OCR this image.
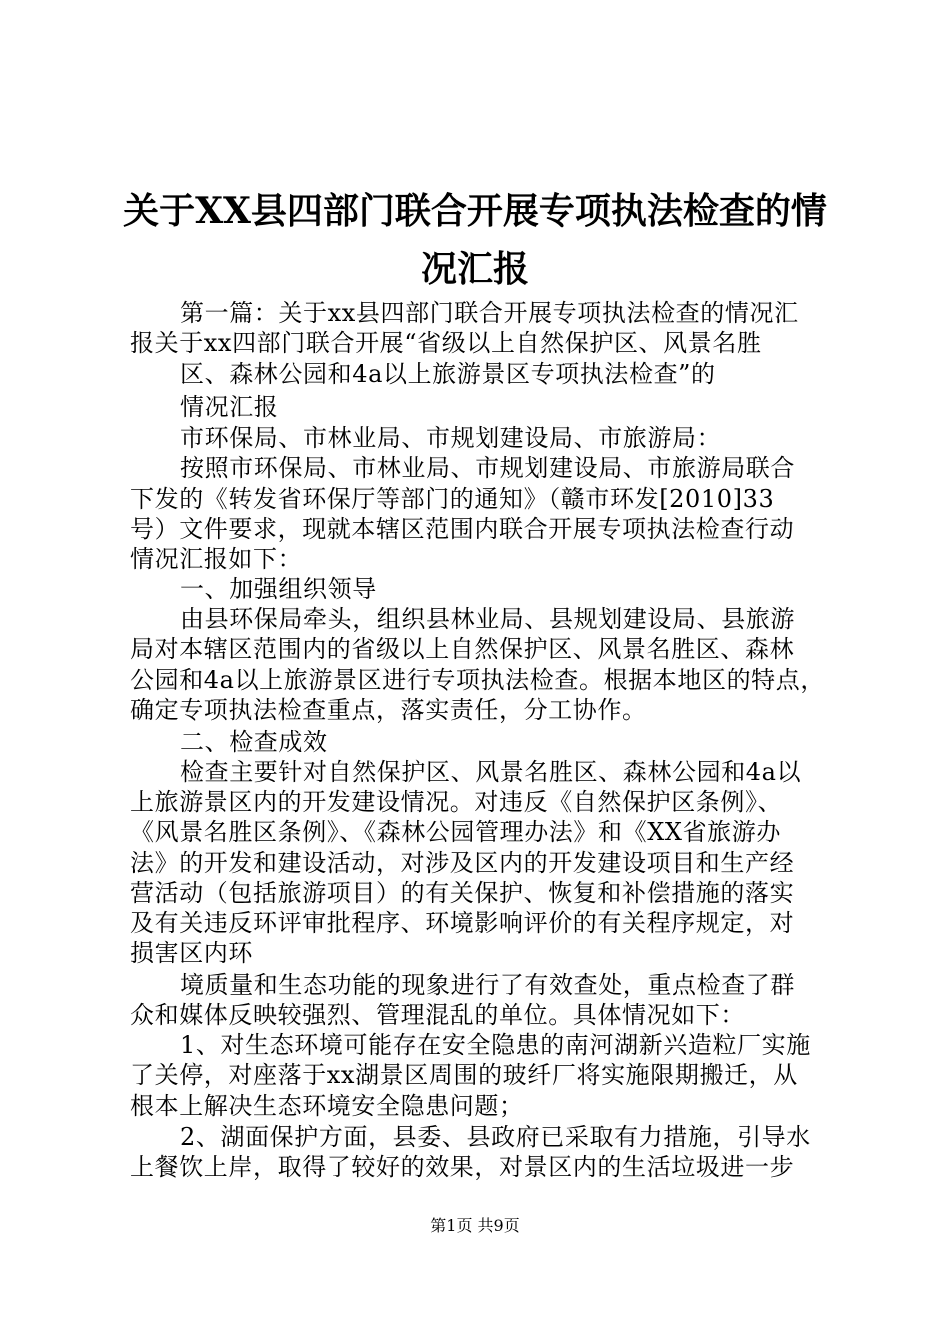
关于XX县四部门联合开展专项执法检查的情
况汇报
第一篇：关于xx县四部门联合开展专项执法检查的情况汇
报关于xx四部门联合开展“省级以上自然保护区、风景名胜
区、森林公园和4a以上旅游景区专项执法检查”的
情况汇报
市环保局、市林业局、市规划建设局、市旅游局：
按照市环保局、市林业局、市规划建设局、市旅游局联合
下发的《转发省环保厅等部门的通知》（赣市环发[2010]33
号）文件要求，现就本辖区范围内联合开展专项执法检查行动
情况汇报如下：
一、加强组织领导
由县环保局牵头，组织县林业局、县规划建设局、县旅游
局对本辖区范围内的省级以上自然保护区、风景名胜区、森林
公园和4a以上旅游景区进行专项执法检查。根据本地区的特点，
确定专项执法检查重点，落实责任，分工协作。
二、检查成效
检查主要针对自然保护区、风景名胜区、森林公园和4a以
上旅游景区内的开发建设情况。对违反《自然保护区条例》、
《风景名胜区条例》、《森林公园管理办法》和《XX省旅游办
法》的开发和建设活动，对涉及区内的开发建设项目和生产经
营活动（包括旅游项目）的有关保护、恢复和补偿措施的落实
及有关违反环评审批程序、环境影响评价的有关程序规定，对
损害区内环
境质量和生态功能的现象进行了有效查处，重点检查了群
众和媒体反映较强烈、管理混乱的单位。具体情况如下：
1、对生态环境可能存在安全隐患的南河湖新兴造粒厂实施
了关停，对座落于xx湖景区周围的玻纤厂将实施限期搬迁，从
根本上解决生态环境安全隐患问题；
2、湖面保护方面，县委、县政府已采取有力措施，引导水
上餐饮上岸，取得了较好的效果，对景区内的生活垃圾进一步
第1页 共9页
